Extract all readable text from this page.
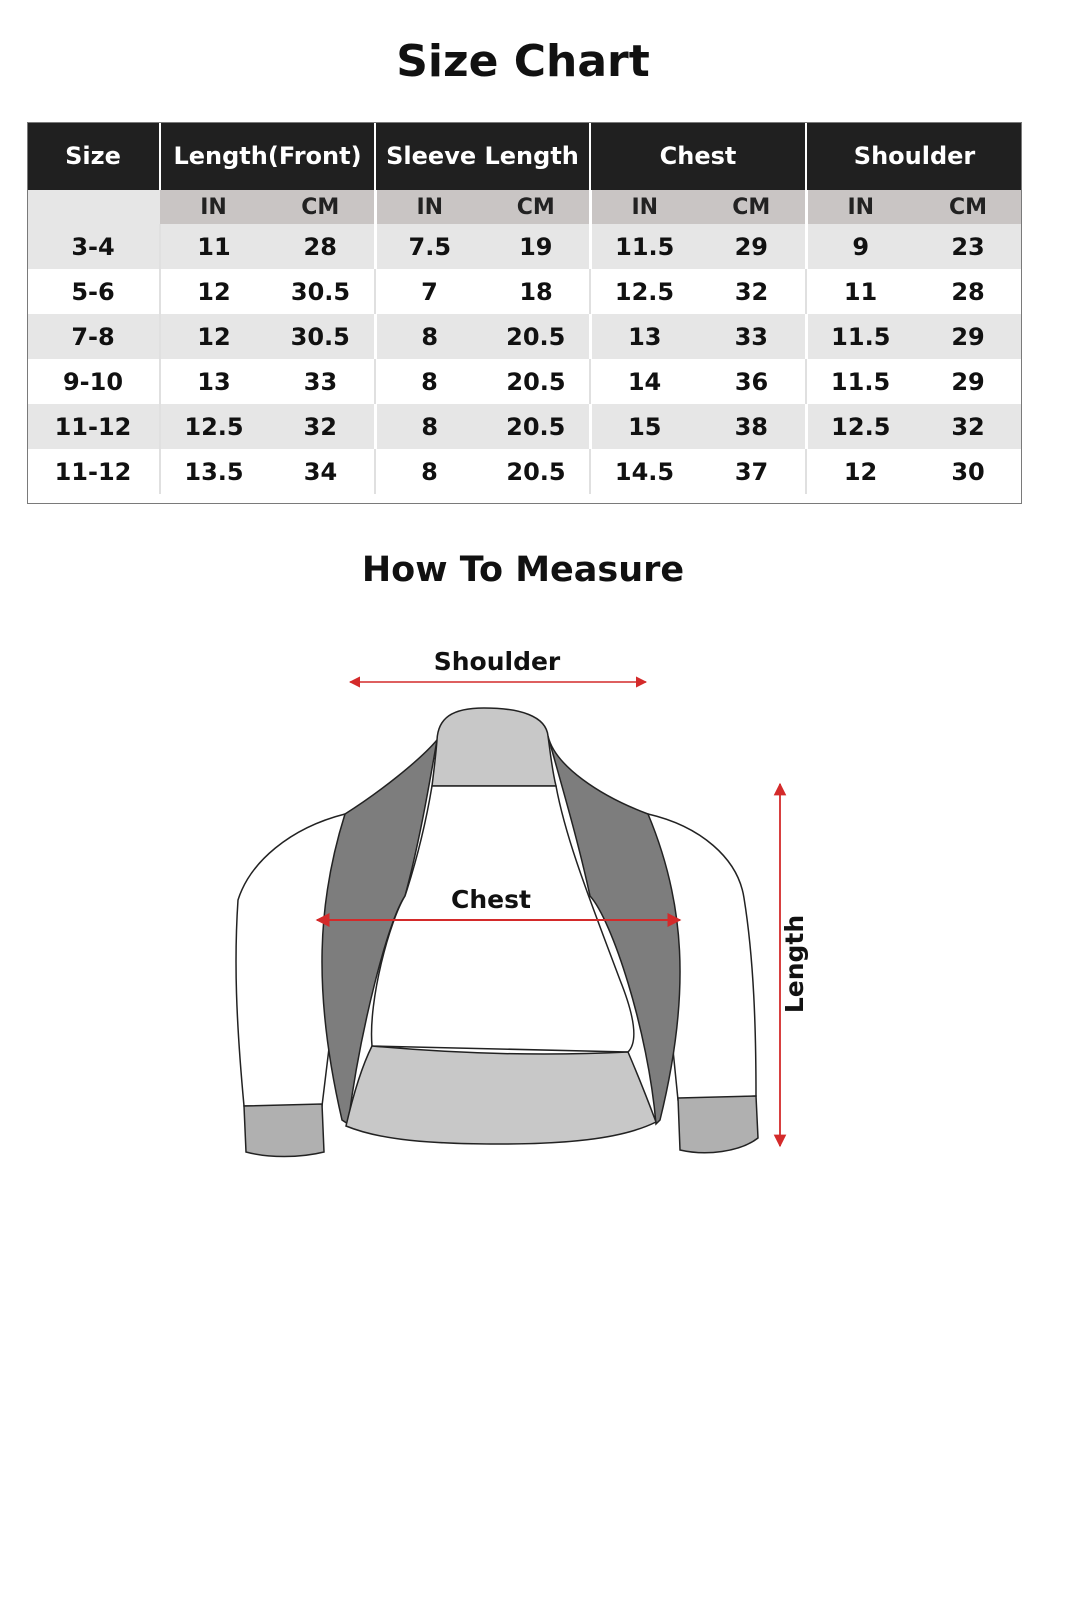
Size Chart
Size	Length(Front)		Sleeve Length		Chest		Shoulder	
	IN	CM	IN	CM	IN	CM	IN	CM
3-4	11	28	7.5	19	11.5	29	9	23
5-6	12	30.5	7	18	12.5	32	11	28
7-8	12	30.5	8	20.5	13	33	11.5	29
9-10	13	33	8	20.5	14	36	11.5	29
11-12	12.5	32	8	20.5	15	38	12.5	32
11-12	13.5	34	8	20.5	14.5	37	12	30
How To Measure
Shoulder
Chest
Length
